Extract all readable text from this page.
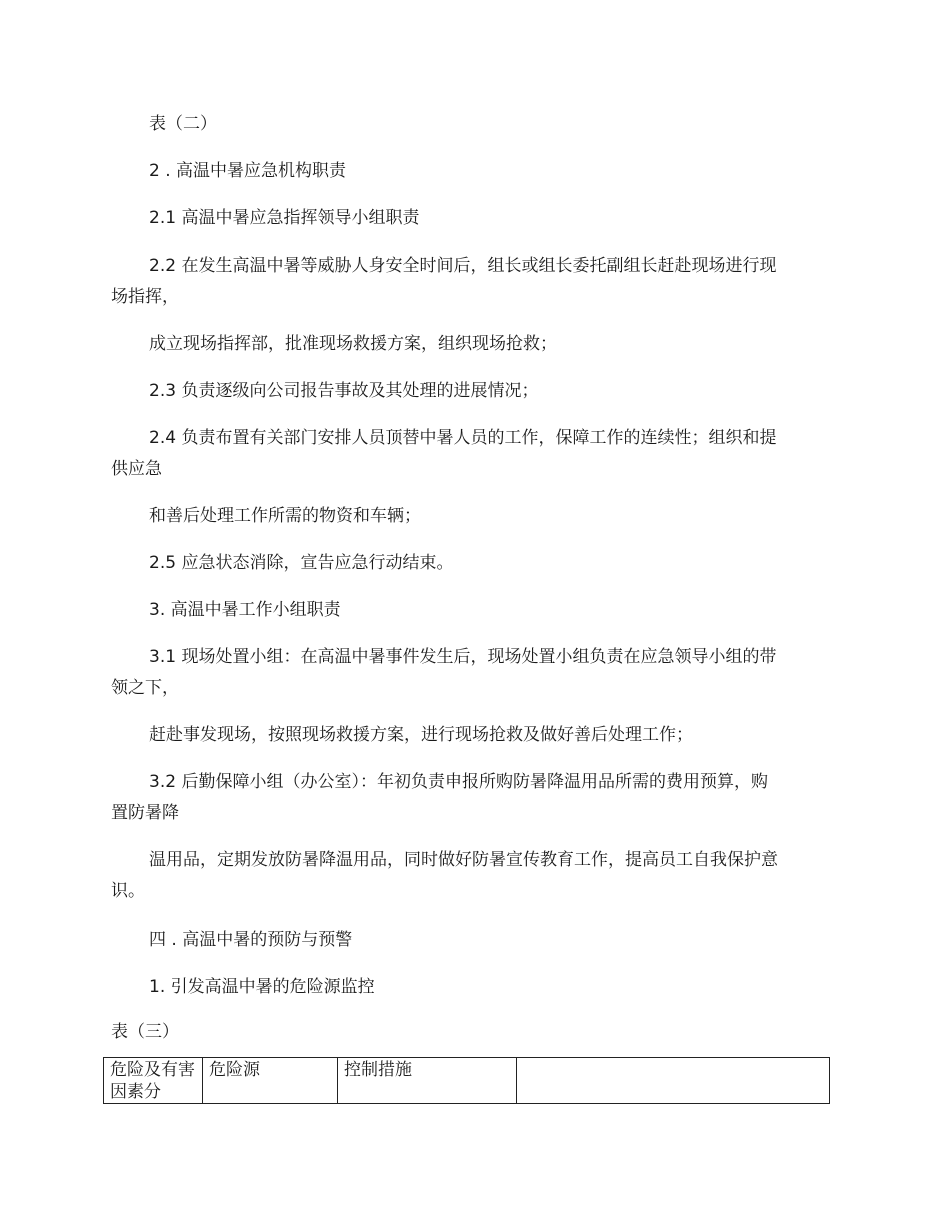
表（二）
2 . 高温中暑应急机构职责
2.1 高温中暑应急指挥领导小组职责
2.2 在发生高温中暑等威胁人身安全时间后，组长或组长委托副组长赶赴现场进行现
场指挥，
成立现场指挥部，批准现场救援方案，组织现场抢救；
2.3 负责逐级向公司报告事故及其处理的进展情况；
2.4 负责布置有关部门安排人员顶替中暑人员的工作，保障工作的连续性；组织和提
供应急
和善后处理工作所需的物资和车辆；
2.5 应急状态消除，宣告应急行动结束。
3. 高温中暑工作小组职责
3.1 现场处置小组：在高温中暑事件发生后，现场处置小组负责在应急领导小组的带
领之下，
赶赴事发现场，按照现场救援方案，进行现场抢救及做好善后处理工作；
3.2 后勤保障小组（办公室）：年初负责申报所购防暑降温用品所需的费用预算，购
置防暑降
温用品，定期发放防暑降温用品，同时做好防暑宣传教育工作，提高员工自我保护意
识。
四 . 高温中暑的预防与预警
1. 引发高温中暑的危险源监控
表（三）
危险及有害因素分	危险源	控制措施	
